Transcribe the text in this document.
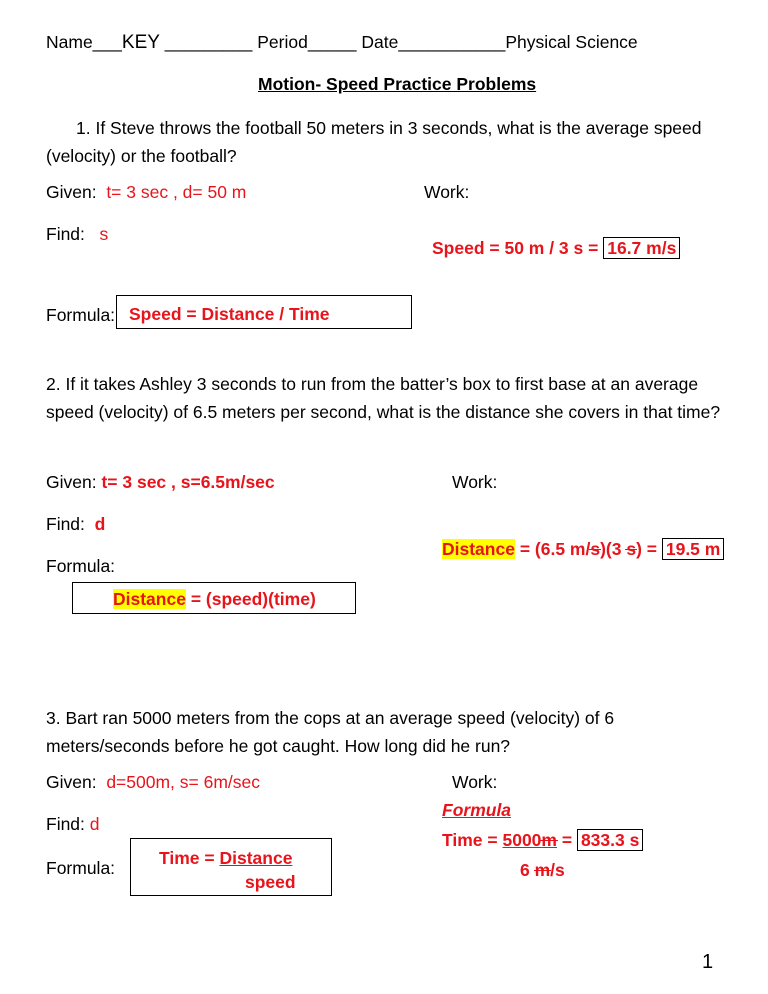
Name___KEY _________ Period_____ Date___________Physical Science
Motion- Speed Practice Problems
1. If Steve throws the football 50 meters in 3 seconds, what is the average speed (velocity) or the football?
Given: t= 3 sec , d= 50 m	Work:
Find: s
Speed = 50 m / 3 s = 16.7 m/s
Formula: Speed = Distance / Time
2. If it takes Ashley 3 seconds to run from the batter’s box to first base at an average speed (velocity) of 6.5 meters per second, what is the distance she covers in that time?
Given: t= 3 sec , s=6.5m/sec	Work:
Find: d
Distance = (6.5 m/s)(3 s) = 19.5 m
Formula:
Distance = (speed)(time)
3. Bart ran 5000 meters from the cops at an average speed (velocity) of 6 meters/seconds before he got caught. How long did he run?
Given: d=500m, s= 6m/sec	Work:
Formula
Find: d
Time = 5000m = 833.3 s
6 m/s
Formula:	Time = Distance
speed
1
